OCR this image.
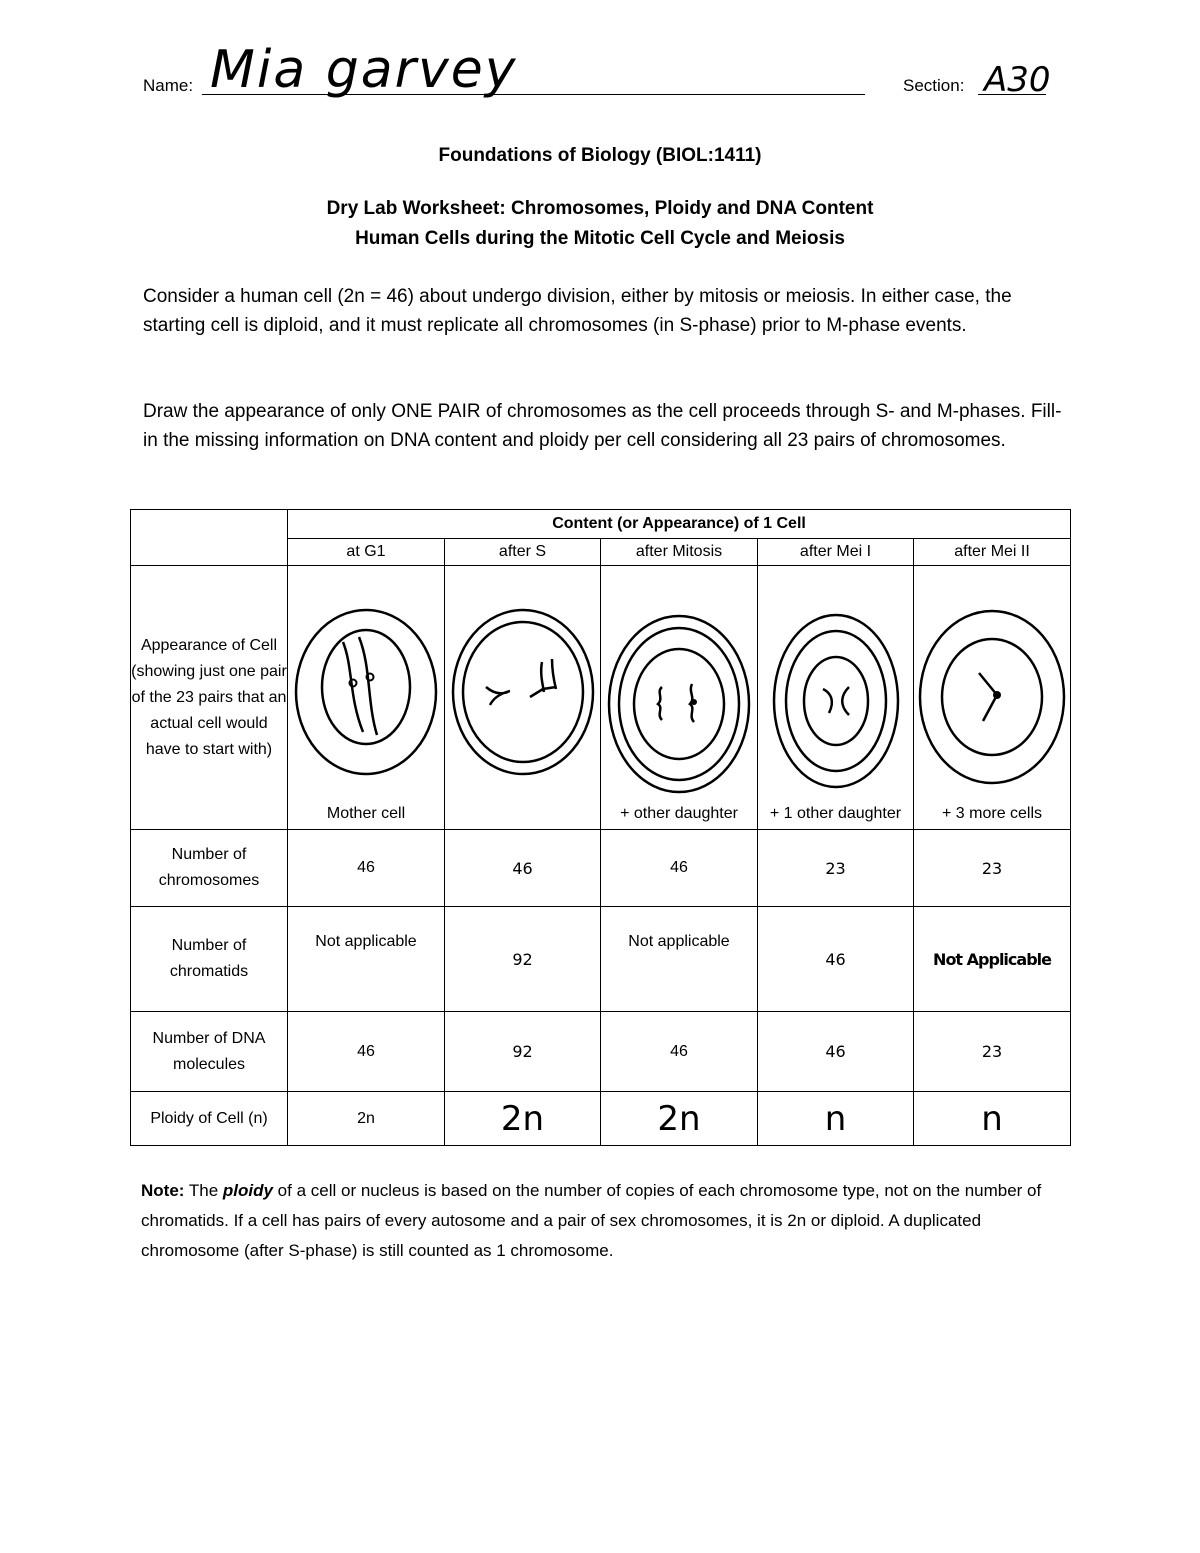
Name: Mia garvey	Section: A30
Foundations of Biology (BIOL:1411)
Dry Lab Worksheet: Chromosomes, Ploidy and DNA Content
Human Cells during the Mitotic Cell Cycle and Meiosis
Consider a human cell (2n = 46) about undergo division, either by mitosis or meiosis. In either case, the starting cell is diploid, and it must replicate all chromosomes (in S-phase) prior to M-phase events.
Draw the appearance of only ONE PAIR of chromosomes as the cell proceeds through S- and M-phases. Fill-in the missing information on DNA content and ploidy per cell considering all 23 pairs of chromosomes.
	Content (or Appearance) of 1 Cell				
	at G1	after S	after Mitosis	after Mei I	after Mei II
Appearance of Cell (showing just one pair of the 23 pairs that an actual cell would have to start with)	Mother cell		+ other daughter	+ 1 other daughter	+ 3 more cells

Number of chromosomes	46	46	46	23	23
Number of chromatids	Not applicable	92	Not applicable	46	Not Applicable
Number of DNA molecules	46	92	46	46	23
Ploidy of Cell (n)	2n	2n	2n	n	n
Note: The ploidy of a cell or nucleus is based on the number of copies of each chromosome type, not on the number of chromatids. If a cell has pairs of every autosome and a pair of sex chromosomes, it is 2n or diploid. A duplicated chromosome (after S-phase) is still counted as 1 chromosome.
